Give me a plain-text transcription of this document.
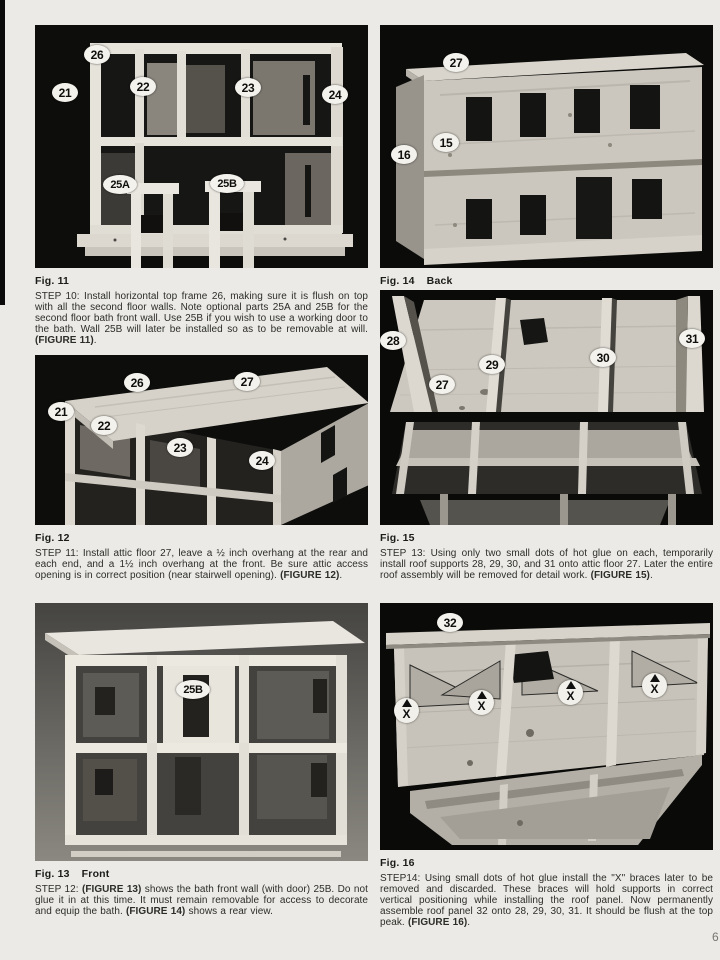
26
21	22	23	24
25A	25B
Fig. 11

STEP 10: Install horizontal top frame 26, making sure it is flush on top with all the second floor walls. Note optional parts 25A and 25B for the second floor bath front wall. Use 25B if you wish to use a working door to the bath. Wall 25B will later be installed so as to be removable at will. (FIGURE 11).

27
15
16
Fig. 14 Back
21
22
26	27
23
24
Fig. 12

STEP 11: Install attic floor 27, leave a ½ inch overhang at the rear and each end, and a 1½ inch overhang at the front. Be sure attic access opening is in correct position (near stairwell opening). (FIGURE 12).

28
27
29	30
31
Fig. 15

STEP 13: Using only two small dots of hot glue on each, temporarily install roof supports 28, 29, 30, and 31 onto attic floor 27. Later the entire roof assembly will be removed for detail work. (FIGURE 15).

25B
Fig. 13 Front

STEP 12: (FIGURE 13) shows the bath front wall (with door) 25B. Do not glue it in at this time. It must remain removable for access to decorate and equip the bath. (FIGURE 14) shows a rear view.

32
X
X
X	X
Fig. 16

STEP14: Using small dots of hot glue install the "X" braces later to be removed and discarded. These braces will hold supports in correct vertical positioning while installing the roof panel. Now permanently assemble roof panel 32 onto 28, 29, 30, 31. It should be flush at the top peak. (FIGURE 16).

6
